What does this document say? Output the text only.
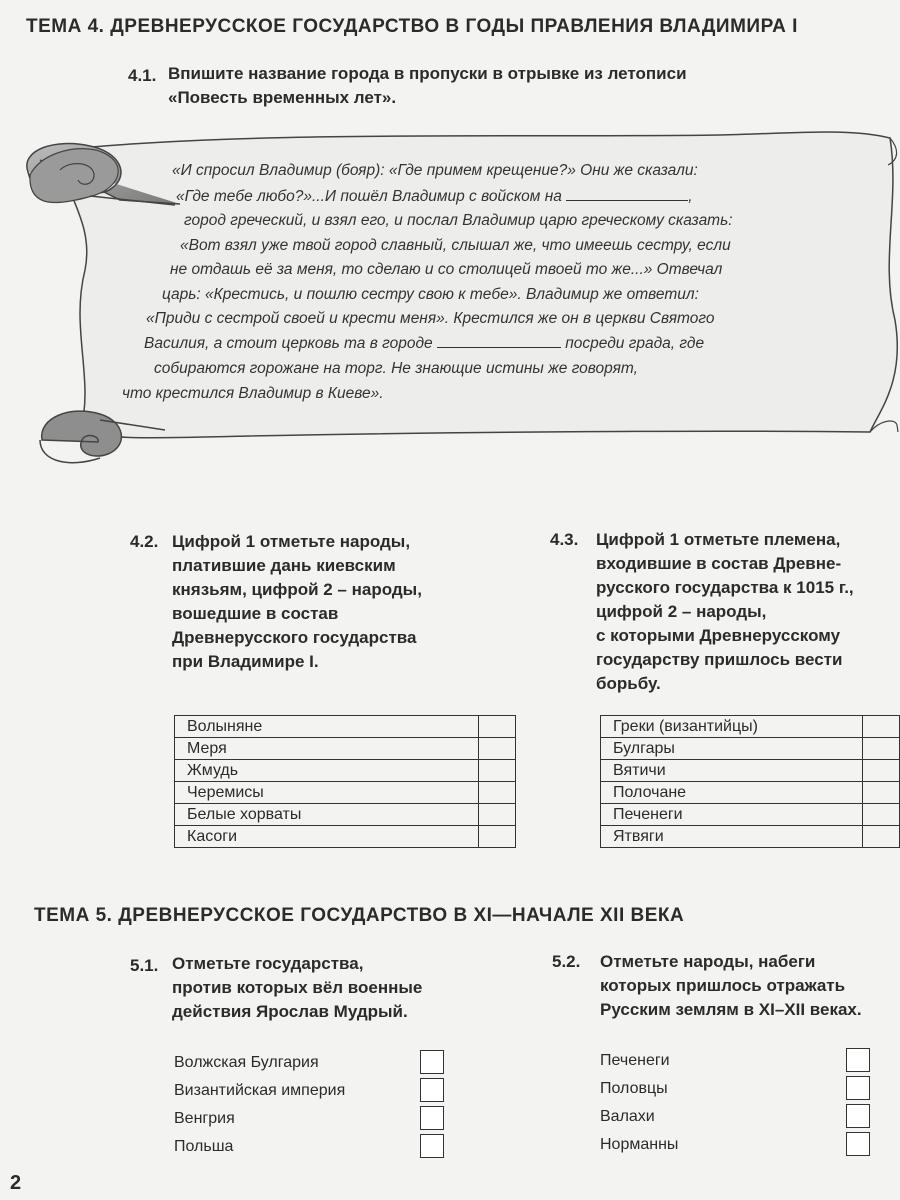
ТЕМА 4. ДРЕВНЕРУССКОЕ ГОСУДАРСТВО В ГОДЫ ПРАВЛЕНИЯ ВЛАДИМИРА I
4.1. Впишите название города в пропуски в отрывке из летописи
«Повесть временных лет».
«И спросил Владимир (бояр): «Где примем крещение?» Они же сказали:
«Где тебе любо?»...И пошёл Владимир с войском на	,
город греческий, и взял его, и послал Владимир царю греческому сказать:
«Вот взял уже твой город славный, слышал же, что имеешь сестру, если
не отдашь её за меня, то сделаю и со столицей твоей то же...» Отвечал
царь: «Крестись, и пошлю сестру свою к тебе». Владимир же ответил:
«Приди с сестрой своей и крести меня». Крестился же он в церкви Святого
Василия, а стоит церковь та в городе	посреди града, где
собираются горожане на торг. Не знающие истины же говорят,
что крестился Владимир в Киеве».
4.2. Цифрой 1 отметьте народы,
платившие дань киевским
князьям, цифрой 2 – народы,
вошедшие в состав
Древнерусского государства
при Владимире I.
Волыняне	
Меря	
Жмудь	
Черемисы	
Белые хорваты	
Касоги	
4.3. Цифрой 1 отметьте племена,
входившие в состав Древне-
русского государства к 1015 г.,
цифрой 2 – народы,
с которыми Древнерусскому
государству пришлось вести
борьбу.
Греки (византийцы)	
Булгары	
Вятичи	
Полочане	
Печенеги	
Ятвяги	
ТЕМА 5. ДРЕВНЕРУССКОЕ ГОСУДАРСТВО В XI—НАЧАЛЕ XII ВЕКА
5.1. Отметьте государства,
против которых вёл военные
действия Ярослав Мудрый.
Волжская Булгария
Византийская империя
Венгрия
Польша
5.2. Отметьте народы, набеги
которых пришлось отражать
Русским землям в XI–XII веках.
Печенеги
Половцы
Валахи
Норманны
2
